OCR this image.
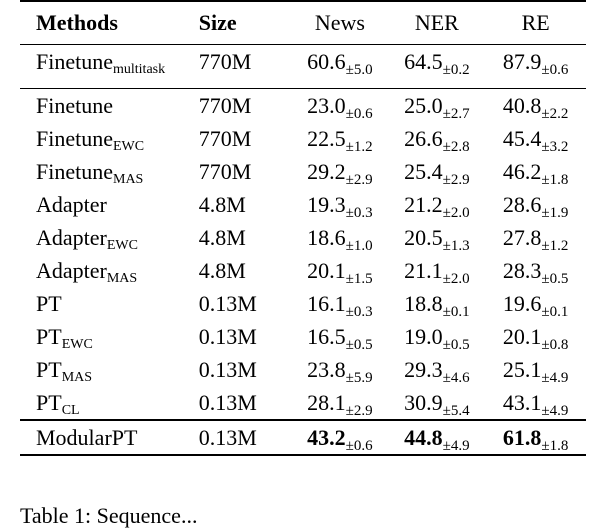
Methods	Size	News	NER	RE
Finetune$_{multitask}$	770M	$60.6_{\pm 5.0}$	$64.5_{\pm 0.2}$	$87.9_{\pm 0.6}$

Finetune	770M	$23.0_{\pm 0.6}$	$25.0_{\pm 2.7}$	$40.8_{\pm 2.2}$
Finetune$_{EWC}$	770M	$22.5_{\pm 1.2}$	$26.6_{\pm 2.8}$	$45.4_{\pm 3.2}$
Finetune$_{MAS}$	770M	$29.2_{\pm 2.9}$	$25.4_{\pm 2.9}$	$46.2_{\pm 1.8}$
Adapter	4.8M	$19.3_{\pm 0.3}$	$21.2_{\pm 2.0}$	$28.6_{\pm 1.9}$
Adapter$_{EWC}$	4.8M	$18.6_{\pm 1.0}$	$20.5_{\pm 1.3}$	$27.8_{\pm 1.2}$
Adapter$_{MAS}$	4.8M	$20.1_{\pm 1.5}$	$21.1_{\pm 2.0}$	$28.3_{\pm 0.5}$
PT	0.13M	$16.1_{\pm 0.3}$	$18.8_{\pm 0.1}$	$19.6_{\pm 0.1}$
$PT_{EWC}$	0.13M	$16.5_{\pm 0.5}$	$19.0_{\pm 0.5}$	$20.1_{\pm 0.8}$
$PT_{MAS}$	0.13M	$23.8_{\pm 5.9}$	$29.3_{\pm 4.6}$	$25.1_{\pm 4.9}$
$PT_{CL}$	0.13M	$28.1_{\pm 2.9}$	$30.9_{\pm 5.4}$	$43.1_{\pm 4.9}$
ModularPT	0.13M	$43.2_{\pm 0.6}$	$44.8_{\pm 4.9}$	$61.8_{\pm 1.8}$
Table 1: Sequence...
